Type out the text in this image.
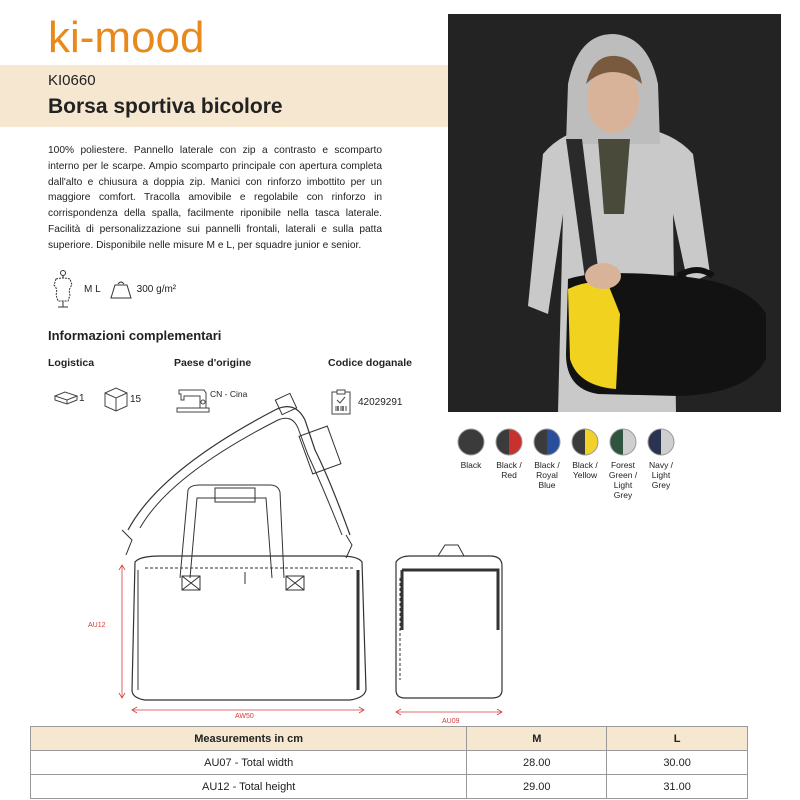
ki-mood
KI0660
Borsa sportiva bicolore
100% poliestere. Pannello laterale con zip a contrasto e scomparto interno per le scarpe. Ampio scomparto principale con apertura completa dall'alto e chiusura a doppia zip. Manici con rinforzo imbottito per un maggiore comfort. Tracolla amovibile e regolabile con rinforzo in corrispondenza della spalla, facilmente riponibile nella tasca laterale. Facilità di personalizzazione sui pannelli frontali, laterali e sulla patta superiore. Disponibile nelle misure M e L, per squadre junior e senior.
M L	300 g/m²
Informazioni complementari
Logistica	Paese d'origine	Codice doganale
1	15	CN - Cina
42029291
Black	Black / Red
Black / Royal Blue
Black / Yellow
Forest Green / Light Grey
Navy / Light Grey
AU12
AW50
AU09
Measurements in cm	M	L
AU07 - Total width	28.00	30.00
AU12 - Total height	29.00	31.00
